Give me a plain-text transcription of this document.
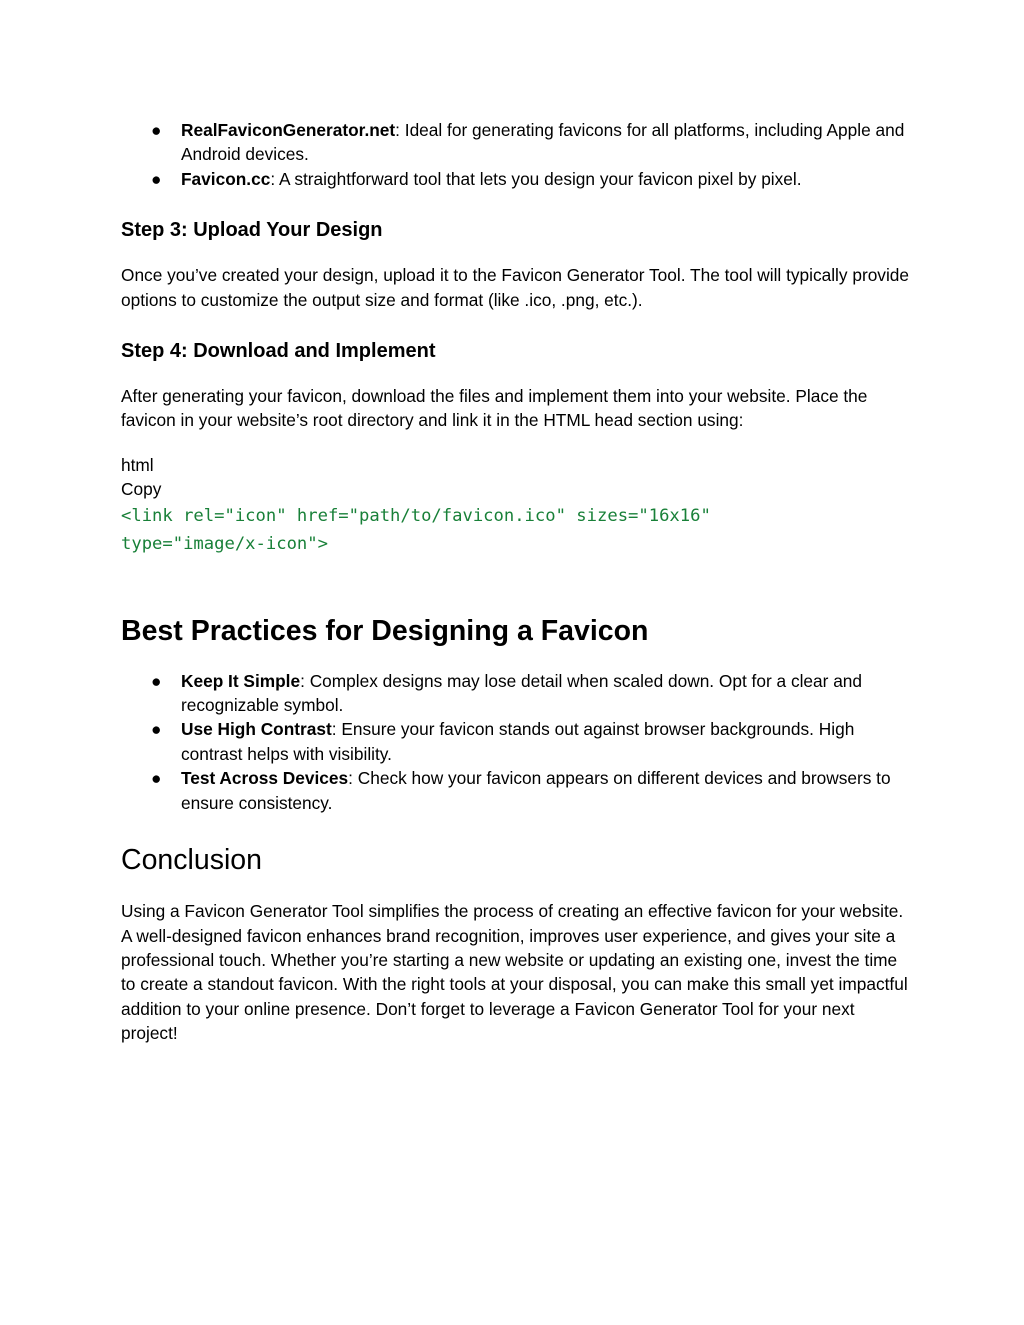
● RealFaviconGenerator.net: Ideal for generating favicons for all platforms, including Apple and Android devices.
● Favicon.cc: A straightforward tool that lets you design your favicon pixel by pixel.
Step 3: Upload Your Design

Once you’ve created your design, upload it to the Favicon Generator Tool. The tool will typically provide options to customize the output size and format (like .ico, .png, etc.).

Step 4: Download and Implement

After generating your favicon, download the files and implement them into your website. Place the favicon in your website’s root directory and link it in the HTML head section using:

html
Copy
<link rel="icon" href="path/to/favicon.ico" sizes="16x16"
type="image/x-icon">
Best Practices for Designing a Favicon
● Keep It Simple: Complex designs may lose detail when scaled down. Opt for a clear and recognizable symbol.
● Use High Contrast: Ensure your favicon stands out against browser backgrounds. High contrast helps with visibility.
● Test Across Devices: Check how your favicon appears on different devices and browsers to ensure consistency.
Conclusion

Using a Favicon Generator Tool simplifies the process of creating an effective favicon for your website. A well-designed favicon enhances brand recognition, improves user experience, and gives your site a professional touch. Whether you’re starting a new website or updating an existing one, invest the time to create a standout favicon. With the right tools at your disposal, you can make this small yet impactful addition to your online presence. Don’t forget to leverage a Favicon Generator Tool for your next project!
